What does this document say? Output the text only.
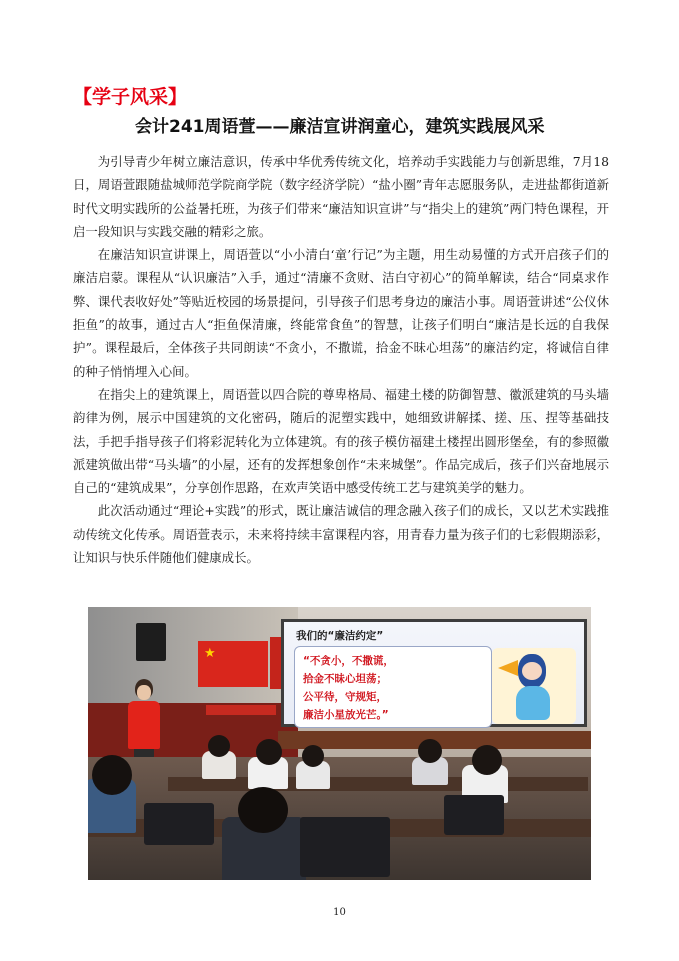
【学子风采】
会计241周语萱——廉洁宣讲润童心，建筑实践展风采

为引导青少年树立廉洁意识，传承中华优秀传统文化，培养动手实践能力与创新思维，7月18日，周语萱跟随盐城师范学院商学院（数字经济学院）“盐小圈”青年志愿服务队，走进盐都街道新时代文明实践所的公益暑托班，为孩子们带来“廉洁知识宣讲”与“指尖上的建筑”两门特色课程，开启一段知识与实践交融的精彩之旅。

在廉洁知识宣讲课上，周语萱以“小小清白‘童’行记”为主题，用生动易懂的方式开启孩子们的廉洁启蒙。课程从“认识廉洁”入手，通过“清廉不贪财、洁白守初心”的简单解读，结合“同桌求作弊、课代表收好处”等贴近校园的场景提问，引导孩子们思考身边的廉洁小事。周语萱讲述“公仪休拒鱼”的故事，通过古人“拒鱼保清廉，终能常食鱼”的智慧，让孩子们明白“廉洁是长远的自我保护”。课程最后，全体孩子共同朗读“不贪小，不撒谎，拾金不昧心坦荡”的廉洁约定，将诚信自律的种子悄悄埋入心间。

在指尖上的建筑课上，周语萱以四合院的尊卑格局、福建土楼的防御智慧、徽派建筑的马头墙韵律为例，展示中国建筑的文化密码，随后的泥塑实践中，她细致讲解揉、搓、压、捏等基础技法，手把手指导孩子们将彩泥转化为立体建筑。有的孩子模仿福建土楼捏出圆形堡垒，有的参照徽派建筑做出带“马头墙”的小屋，还有的发挥想象创作“未来城堡”。作品完成后，孩子们兴奋地展示自己的“建筑成果”，分享创作思路，在欢声笑语中感受传统工艺与建筑美学的魅力。

此次活动通过“理论+实践”的形式，既让廉洁诚信的理念融入孩子们的成长，又以艺术实践推动传统文化传承。周语萱表示，未来将持续丰富课程内容，用青春力量为孩子们的七彩假期添彩，让知识与快乐伴随他们健康成长。

★
我们的“廉洁约定”
“不贪小，不撒谎，
拾金不昧心坦荡；
公平待，守规矩，
廉洁小星放光芒。”
10
